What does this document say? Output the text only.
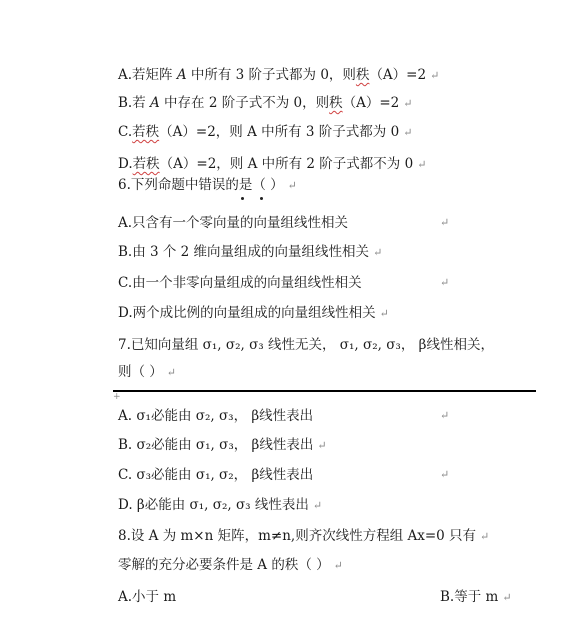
A.若矩阵 A 中所有 3 阶子式都为 0，则秩（A）=2 ↵
B.若 A 中存在 2 阶子式不为 0，则秩（A）=2 ↵
C.若秩（A）=2，则 A 中所有 3 阶子式都为 0 ↵
D.若秩（A）=2，则 A 中所有 2 阶子式都不为 0 ↵
6.下列命题中错误的是（ ） ↵
A.只含有一个零向量的向量组线性相关	↵
B.由 3 个 2 维向量组成的向量组线性相关 ↵
C.由一个非零向量组成的向量组线性相关	↵
D.两个成比例的向量组成的向量组线性相关 ↵
7.已知向量组 σ₁, σ₂, σ₃ 线性无关， σ₁, σ₂, σ₃， β线性相关，
则（ ） ↵
+
A. σ₁必能由 σ₂, σ₃， β线性表出	↵
B. σ₂必能由 σ₁, σ₃， β线性表出 ↵
C. σ₃必能由 σ₁, σ₂， β线性表出	↵
D. β必能由 σ₁, σ₂, σ₃ 线性表出 ↵
8.设 A 为 m×n 矩阵，m≠n,则齐次线性方程组 Ax=0 只有 ↵
零解的充分必要条件是 A 的秩（ ） ↵
A.小于 m	B.等于 m ↵
